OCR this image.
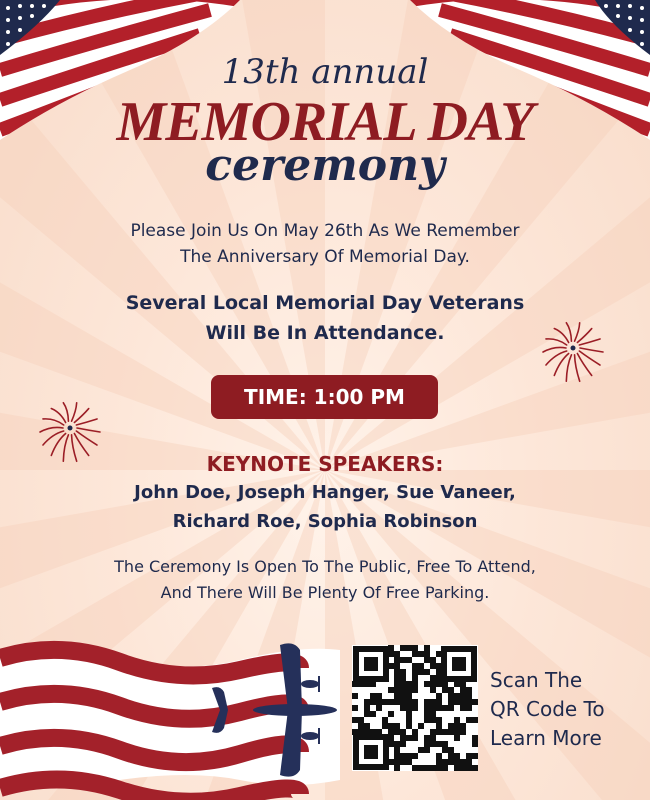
13th annual
MEMORIAL DAY
ceremony
Please Join Us On May 26th As We Remember
The Anniversary Of Memorial Day.
Several Local Memorial Day Veterans
Will Be In Attendance.
TIME: 1:00 PM
KEYNOTE SPEAKERS:
John Doe, Joseph Hanger, Sue Vaneer,
Richard Roe, Sophia Robinson
The Ceremony Is Open To The Public, Free To Attend,
And There Will Be Plenty Of Free Parking.
Scan The
QR Code To
Learn More
